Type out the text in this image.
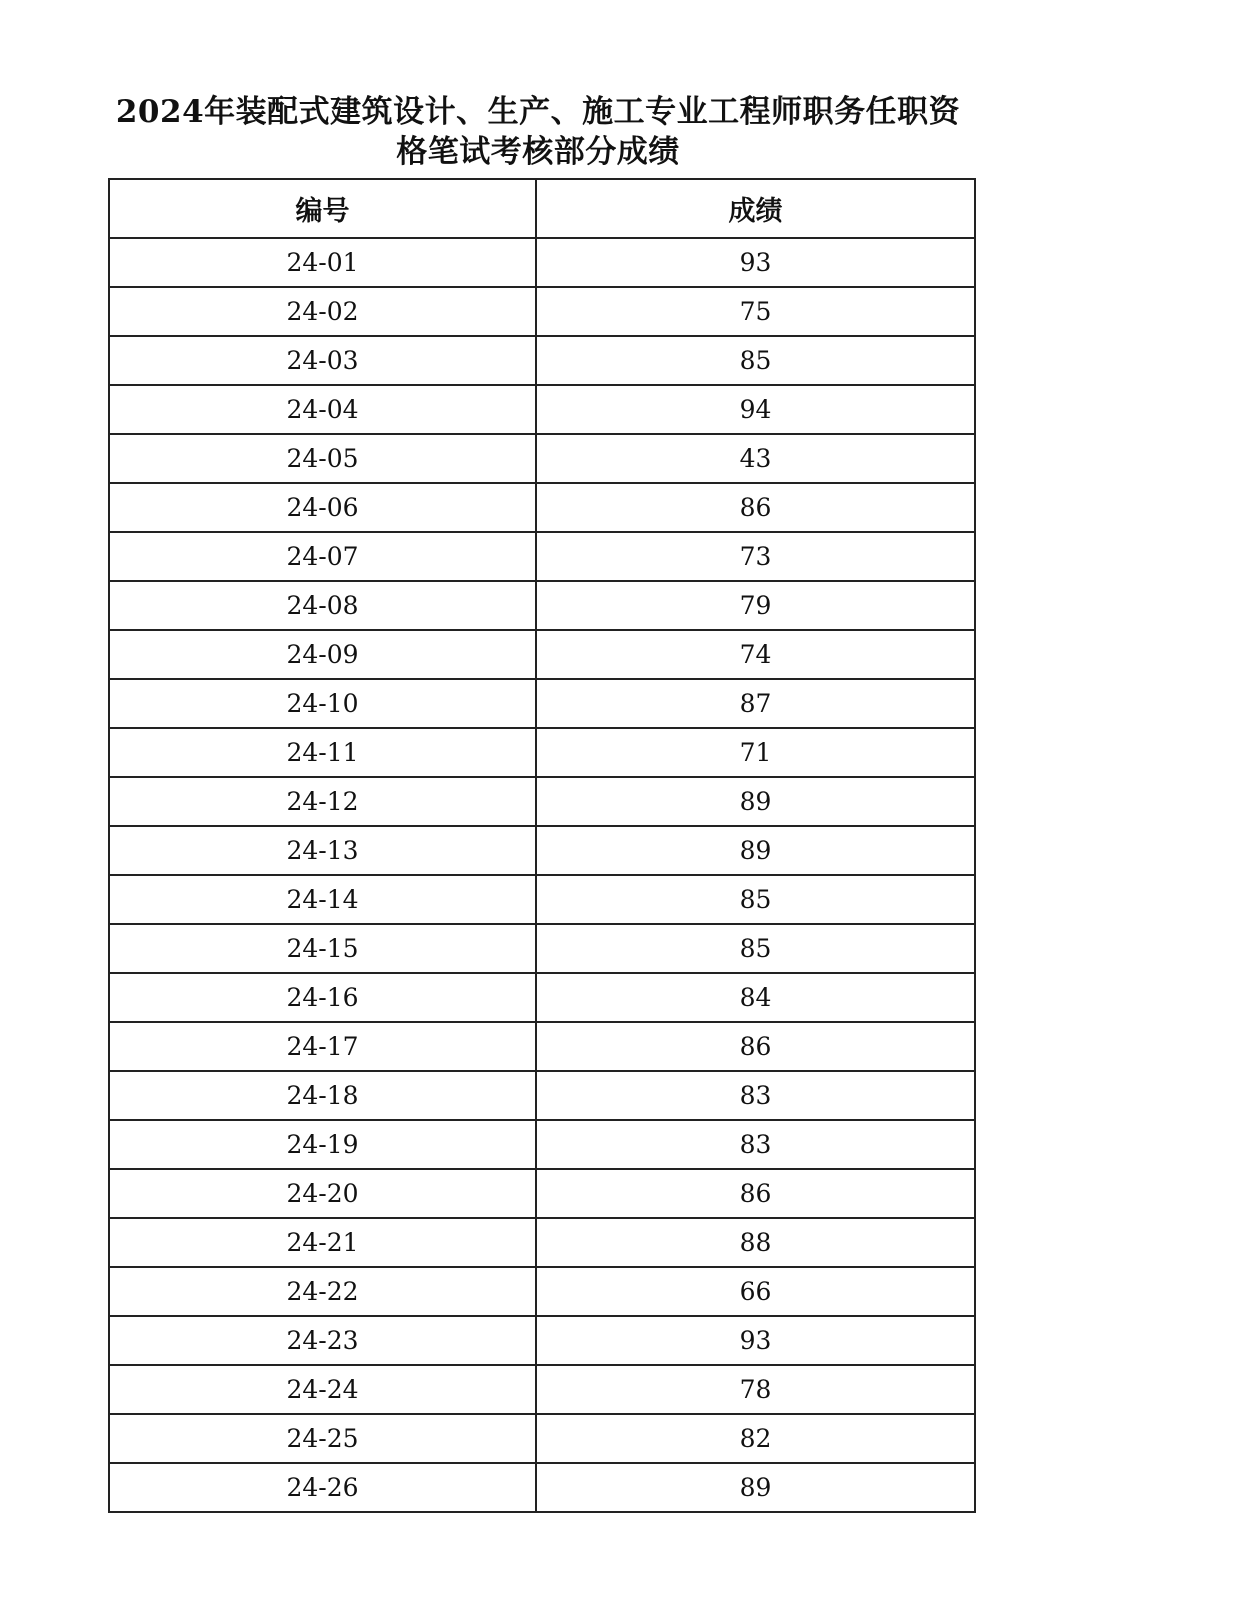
2024年装配式建筑设计、生产、施工专业工程师职务任职资
格笔试考核部分成绩
编号	成绩
24-01	93
24-02	75
24-03	85
24-04	94
24-05	43
24-06	86
24-07	73
24-08	79
24-09	74
24-10	87
24-11	71
24-12	89
24-13	89
24-14	85
24-15	85
24-16	84
24-17	86
24-18	83
24-19	83
24-20	86
24-21	88
24-22	66
24-23	93
24-24	78
24-25	82
24-26	89
